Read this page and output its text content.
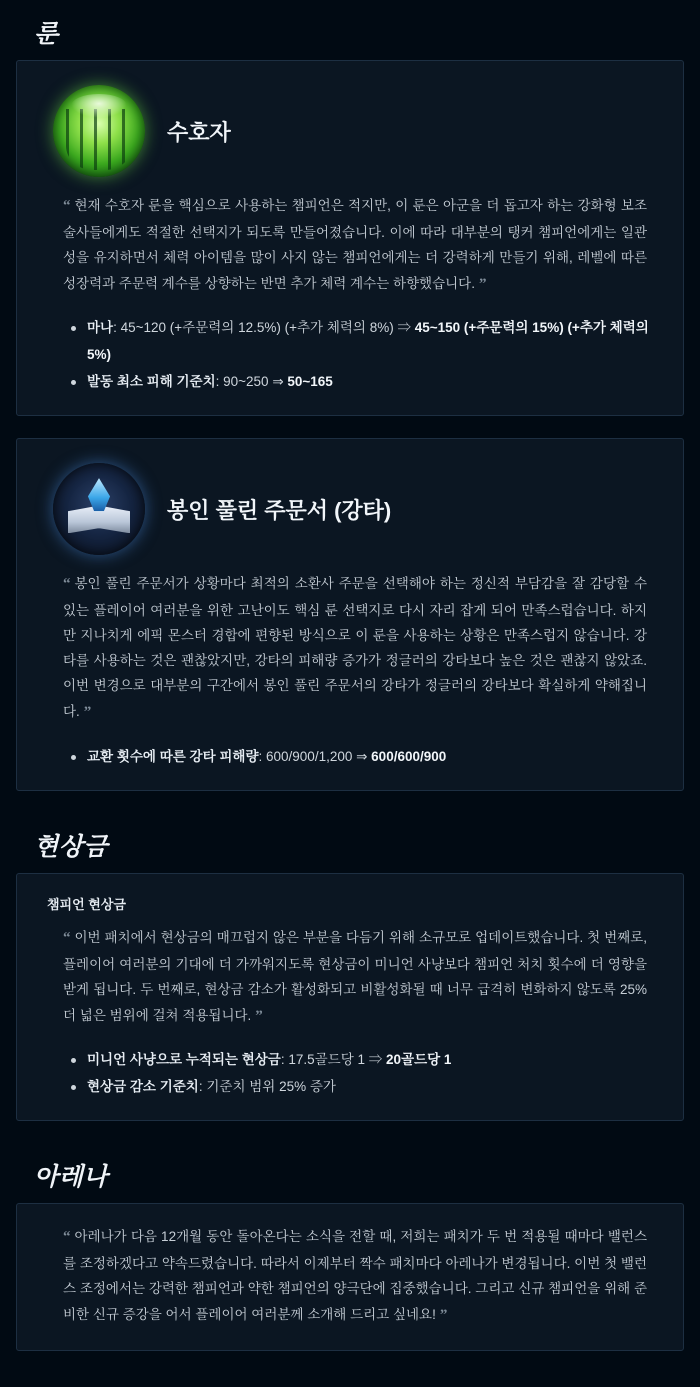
룬
수호자
“ 현재 수호자 룬을 핵심으로 사용하는 챔피언은 적지만, 이 룬은 아군을 더 돕고자 하는 강화형 보조술사들에게도 적절한 선택지가 되도록 만들어졌습니다. 이에 따라 대부분의 탱커 챔피언에게는 일관성을 유지하면서 체력 아이템을 많이 사지 않는 챔피언에게는 더 강력하게 만들기 위해, 레벨에 따른 성장력과 주문력 계수를 상향하는 반면 추가 체력 계수는 하향했습니다. ”
마나: 45~120 (+주문력의 12.5%) (+추가 체력의 8%) ⇒ 45~150 (+주문력의 15%) (+추가 체력의 5%)
발동 최소 피해 기준치: 90~250 ⇒ 50~165
봉인 풀린 주문서 (강타)
“ 봉인 풀린 주문서가 상황마다 최적의 소환사 주문을 선택해야 하는 정신적 부담감을 잘 감당할 수 있는 플레이어 여러분을 위한 고난이도 핵심 룬 선택지로 다시 자리 잡게 되어 만족스럽습니다. 하지만 지나치게 에픽 몬스터 경합에 편향된 방식으로 이 룬을 사용하는 상황은 만족스럽지 않습니다. 강타를 사용하는 것은 괜찮았지만, 강타의 피해량 증가가 정글러의 강타보다 높은 것은 괜찮지 않았죠. 이번 변경으로 대부분의 구간에서 봉인 풀린 주문서의 강타가 정글러의 강타보다 확실하게 약해집니다. ”
교환 횟수에 따른 강타 피해량: 600/900/1,200 ⇒ 600/600/900
현상금
챔피언 현상금
“ 이번 패치에서 현상금의 매끄럽지 않은 부분을 다듬기 위해 소규모로 업데이트했습니다. 첫 번째로, 플레이어 여러분의 기대에 더 가까워지도록 현상금이 미니언 사냥보다 챔피언 처치 횟수에 더 영향을 받게 됩니다. 두 번째로, 현상금 감소가 활성화되고 비활성화될 때 너무 급격히 변화하지 않도록 25% 더 넓은 범위에 걸쳐 적용됩니다. ”
미니언 사냥으로 누적되는 현상금: 17.5골드당 1 ⇒ 20골드당 1
현상금 감소 기준치: 기준치 범위 25% 증가
아레나
“ 아레나가 다음 12개월 동안 돌아온다는 소식을 전할 때, 저희는 패치가 두 번 적용될 때마다 밸런스를 조정하겠다고 약속드렸습니다. 따라서 이제부터 짝수 패치마다 아레나가 변경됩니다. 이번 첫 밸런스 조정에서는 강력한 챔피언과 약한 챔피언의 양극단에 집중했습니다. 그리고 신규 챔피언을 위해 준비한 신규 증강을 어서 플레이어 여러분께 소개해 드리고 싶네요! ”
